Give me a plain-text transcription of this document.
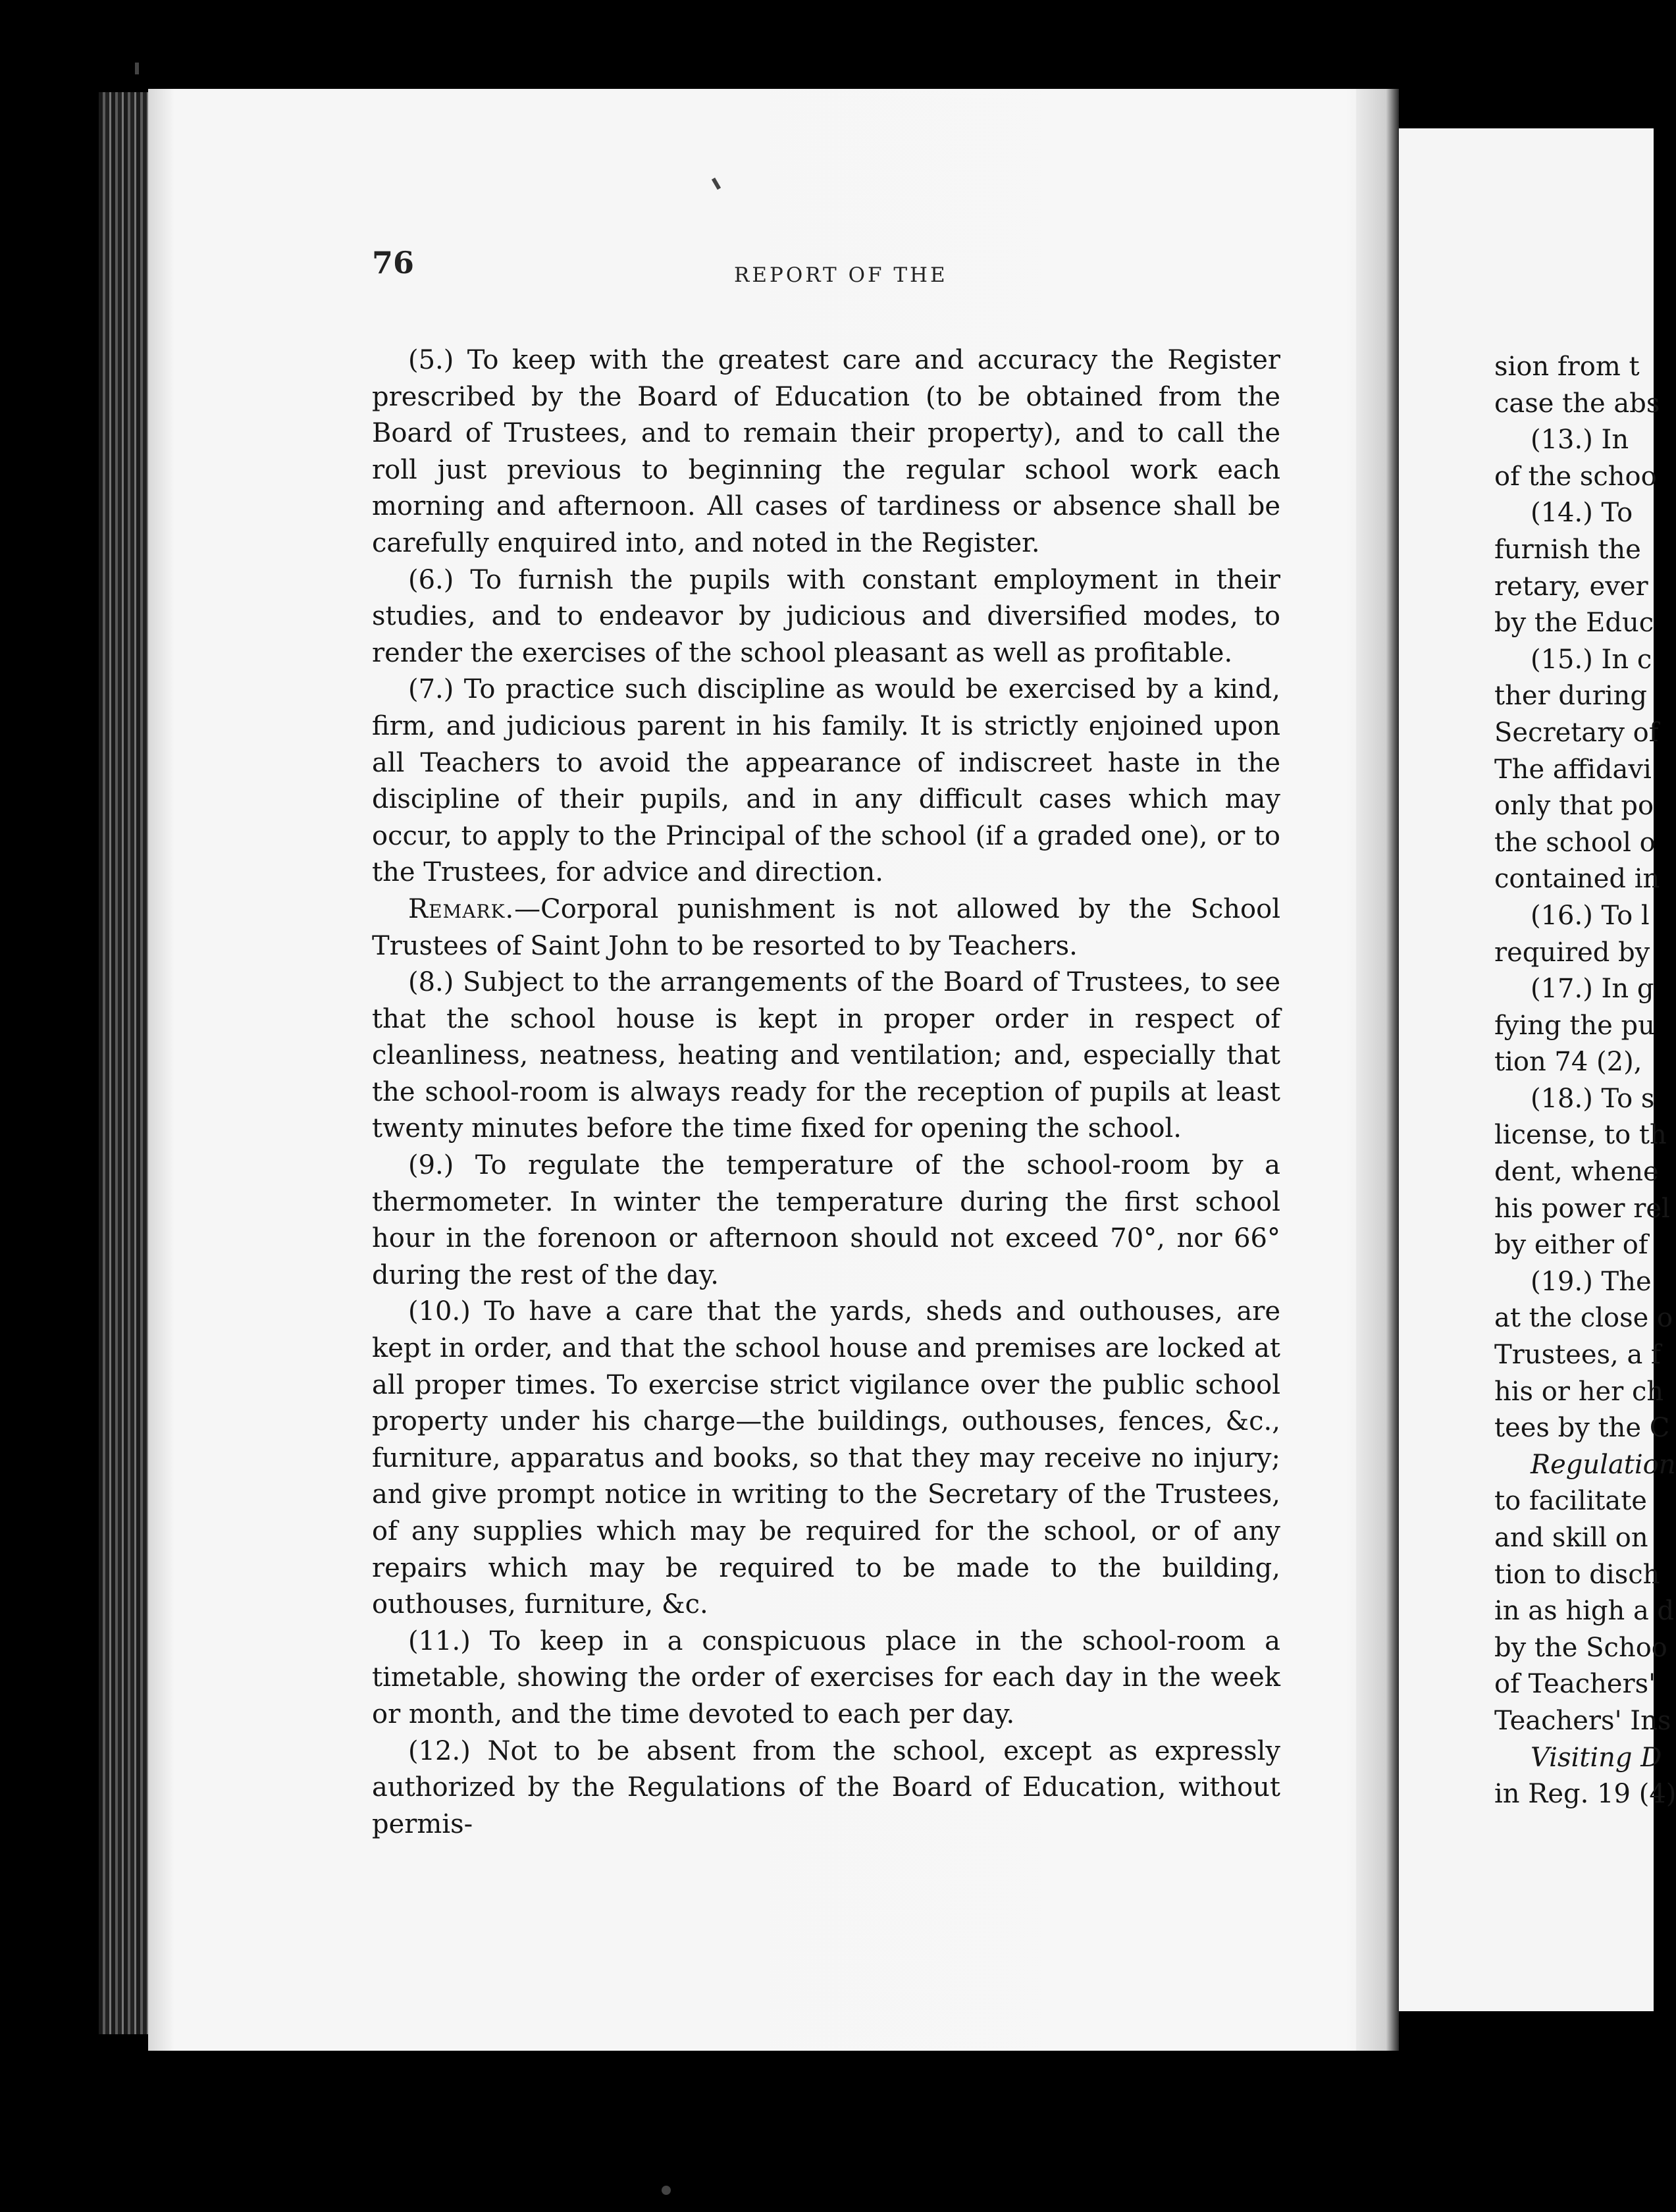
76	REPORT OF THE

(5.) To keep with the greatest care and accuracy the Register prescribed by the Board of Education (to be obtained from the Board of Trustees, and to remain their property), and to call the roll just previous to beginning the regular school work each morning and afternoon. All cases of tardiness or absence shall be carefully enquired into, and noted in the Register.

(6.) To furnish the pupils with constant employment in their studies, and to endeavor by judicious and diversified modes, to render the exercises of the school pleasant as well as profitable.

(7.) To practice such discipline as would be exercised by a kind, firm, and judicious parent in his family. It is strictly enjoined upon all Teachers to avoid the appearance of indiscreet haste in the discipline of their pupils, and in any difficult cases which may occur, to apply to the Principal of the school (if a graded one), or to the Trustees, for advice and direction.

Remark.—Corporal punishment is not allowed by the School Trustees of Saint John to be resorted to by Teachers.

(8.) Subject to the arrangements of the Board of Trustees, to see that the school house is kept in proper order in respect of cleanliness, neatness, heating and ventilation; and, especially that the school-room is always ready for the reception of pupils at least twenty minutes before the time fixed for opening the school.

(9.) To regulate the temperature of the school-room by a thermometer. In winter the temperature during the first school hour in the forenoon or afternoon should not exceed 70°, nor 66° during the rest of the day.

(10.) To have a care that the yards, sheds and outhouses, are kept in order, and that the school house and premises are locked at all proper times. To exercise strict vigilance over the public school property under his charge—the buildings, outhouses, fences, &c., furniture, apparatus and books, so that they may receive no injury; and give prompt notice in writing to the Secretary of the Trustees, of any supplies which may be required for the school, or of any repairs which may be required to be made to the building, outhouses, furniture, &c.

(11.) To keep in a conspicuous place in the school-room a timetable, showing the order of exercises for each day in the week or month, and the time devoted to each per day.

(12.) Not to be absent from the school, except as expressly authorized by the Regulations of the Board of Education, without permis-

sion from t
case the abs
(13.) In
of the schoo
(14.) To
furnish the
retary, ever
by the Educ
(15.) In c
ther during
Secretary of
The affidavi
only that po
the school o
contained in
(16.) To l
required by
(17.) In g
fying the pu
tion 74 (2),
(18.) To s
license, to th
dent, whene
his power rel
by either of
(19.) The
at the close o
Trustees, a f
his or her ch
tees by the C
Regulation
to facilitate
and skill on
tion to disch
in as high a d
by the Schoo
of Teachers'
Teachers' Ins
Visiting D
in Reg. 19 (4)
